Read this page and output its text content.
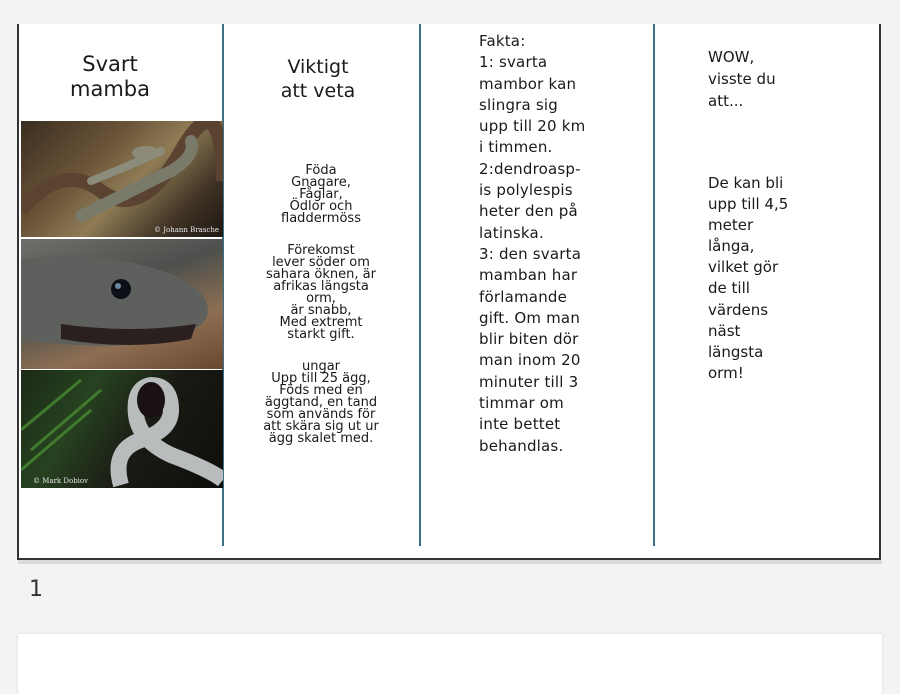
Svart
mamba
© Johann Brasche
© Mark Dobiov
Viktigt
att veta
Föda
Gnagare,
Fåglar,
Ödlor och
fladdermöss
Förekomst
lever söder om
sahara öknen, är
afrikas längsta
orm,
är snabb,
Med extremt
starkt gift.
ungar
Upp till 25 ägg,
Föds med en
äggtand, en tand
som används för
att skära sig ut ur
ägg skalet med.
Fakta:
1: svarta
mambor kan
slingra sig
upp till 20 km
i timmen.
2:dendroasp-
is polylespis
heter den på
latinska.
3: den svarta
mamban har
förlamande
gift. Om man
blir biten dör
man inom 20
minuter till 3
timmar om
inte bettet
behandlas.
WOW,
visste du
att...
De kan bli
upp till 4,5
meter
långa,
vilket gör
de till
värdens
näst
längsta
orm!
1
